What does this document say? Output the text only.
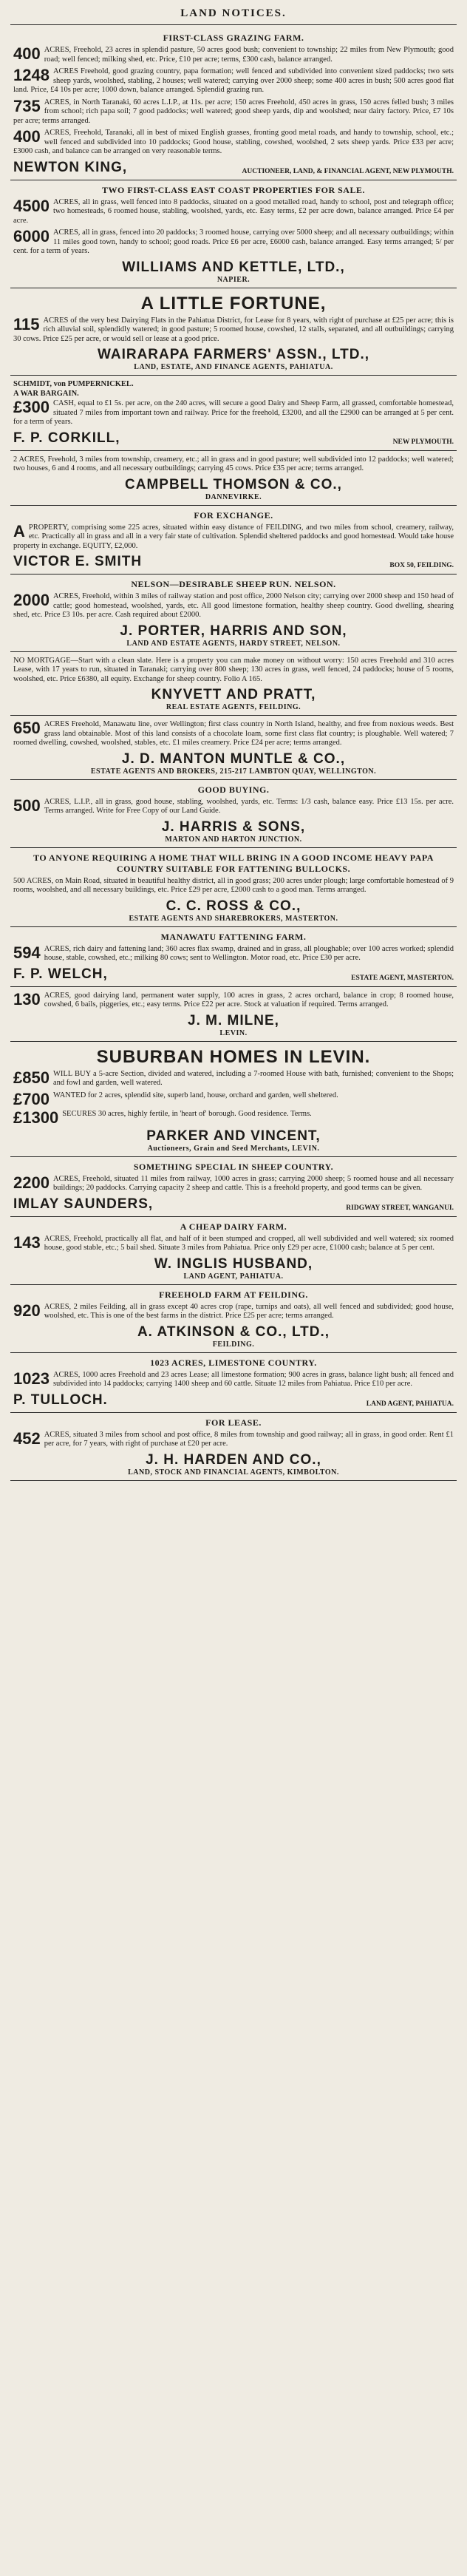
LAND NOTICES.
FIRST-CLASS GRAZING FARM.
400 ACRES, Freehold, 23 acres in splendid pasture, 50 acres good bush; convenient to township; 22 miles from New Plymouth; good road; well fenced; milking shed, etc. Price, £10 per acre; terms, £300 cash, balance arranged.
1248 ACRES Freehold, good grazing country, papa formation; well fenced and subdivided into convenient sized paddocks; two sets sheep yards, woolshed, stabling, 2 houses; well watered; carrying over 2000 sheep; some 400 acres in bush; 500 acres good flat land. Price, £4 10s per acre; 1000 down, balance arranged. Splendid grazing run.
735 ACRES, in North Taranaki, 60 acres L.I.P., at 11s. per acre; 150 acres Freehold, 450 acres in grass, 150 acres felled bush; 3 miles from school; rich papa soil; 7 good paddocks; well watered; good sheep yards, dip and woolshed; near dairy factory. Price, £7 10s per acre; terms arranged.
400 ACRES, Freehold, Taranaki, all in best of mixed English grasses, fronting good metal roads, and handy to township, school, etc.; well fenced and subdivided into 10 paddocks; Good house, stabling, cowshed, woolshed, 2 sets sheep yards. Price £33 per acre; £3000 cash, and balance can be arranged on very reasonable terms.
NEWTON KING,	AUCTIONEER, LAND, & FINANCIAL AGENT, NEW PLYMOUTH.
TWO FIRST-CLASS EAST COAST PROPERTIES FOR SALE.
4500 ACRES, all in grass, well fenced into 8 paddocks, situated on a good metalled road, handy to school, post and telegraph office; two homesteads, 6 roomed house, stabling, woolshed, yards, etc. Easy terms, £2 per acre down, balance arranged. Price £4 per acre.
6000 ACRES, all in grass, fenced into 20 paddocks; 3 roomed house, carrying over 5000 sheep; and all necessary outbuildings; within 11 miles good town, handy to school; good roads. Price £6 per acre, £6000 cash, balance arranged. Easy terms arranged; 5/ per cent. for a term of years.
WILLIAMS AND KETTLE, LTD.,
NAPIER.
A LITTLE FORTUNE,
115 ACRES of the very best Dairying Flats in the Pahiatua District, for Lease for 8 years, with right of purchase at £25 per acre; this is rich alluvial soil, splendidly watered; in good pasture; 5 roomed house, cowshed, 12 stalls, separated, and all outbuildings; carrying 30 cows. Price £25 per acre, or would sell or lease at a good price.
WAIRARAPA FARMERS' ASSN., LTD.,
LAND, ESTATE, AND FINANCE AGENTS, PAHIATUA.
SCHMIDT, von PUMPERNICKEL.
A WAR BARGAIN.
£300 CASH, equal to £1 5s. per acre, on the 240 acres, will secure a good Dairy and Sheep Farm, all grassed, comfortable homestead, situated 7 miles from important town and railway. Price for the freehold, £3200, and all the £2900 can be arranged at 5 per cent. for a term of years.
F. P. CORKILL,	NEW PLYMOUTH.
2 ACRES, Freehold, 3 miles from township, creamery, etc.; all in grass and in good pasture; well subdivided into 12 paddocks; well watered; two houses, 6 and 4 rooms, and all necessary outbuildings; carrying 45 cows. Price £35 per acre; terms arranged.
CAMPBELL THOMSON & CO.,
DANNEVIRKE.
FOR EXCHANGE.
APROPERTY, comprising some 225 acres, situated within easy distance of FEILDING, and two miles from school, creamery, railway, etc. Practically all in grass and all in a very fair state of cultivation. Splendid sheltered paddocks and good homestead. Would take house property in exchange. EQUITY, £2,000.
VICTOR E. SMITH	BOX 50, FEILDING.
NELSON—DESIRABLE SHEEP RUN. NELSON.
2000 ACRES, Freehold, within 3 miles of railway station and post office, 2000 Nelson city; carrying over 2000 sheep and 150 head of cattle; good homestead, woolshed, yards, etc. All good limestone formation, healthy sheep country. Good dwelling, shearing shed, etc. Price £3 10s. per acre. Cash required about £2000.
J. PORTER, HARRIS AND SON,
LAND AND ESTATE AGENTS, HARDY STREET, NELSON.
NO MORTGAGE—Start with a clean slate. Here is a property you can make money on without worry: 150 acres Freehold and 310 acres Lease, with 17 years to run, situated in Taranaki; carrying over 800 sheep; 130 acres in grass, well fenced, 24 paddocks; house of 5 rooms, woolshed, etc. Price £6380, all equity. Exchange for sheep country. Folio A 165.
KNYVETT AND PRATT,
REAL ESTATE AGENTS, FEILDING.
650 ACRES Freehold, Manawatu line, over Wellington; first class country in North Island, healthy, and free from noxious weeds. Best grass land obtainable. Most of this land consists of a chocolate loam, some first class flat country; is ploughable. Well watered; 7 roomed dwelling, cowshed, woolshed, stables, etc. £1 miles creamery. Price £24 per acre; terms arranged.
J. D. MANTON MUNTLE & CO.,
ESTATE AGENTS AND BROKERS, 215-217 LAMBTON QUAY, WELLINGTON.
GOOD BUYING.
500 ACRES, L.I.P., all in grass, good house, stabling, woolshed, yards, etc. Terms: 1/3 cash, balance easy. Price £13 15s. per acre. Terms arranged. Write for Free Copy of our Land Guide.
J. HARRIS & SONS,
MARTON AND HARTON JUNCTION.
TO ANYONE REQUIRING A HOME THAT WILL BRING IN A GOOD INCOME HEAVY PAPA COUNTRY SUITABLE FOR FATTENING BULLOCKS.
500 ACRES, on Main Road, situated in beautiful healthy district, all in good grass; 200 acres under plough; large comfortable homestead of 9 rooms, woolshed, and all necessary buildings, etc. Price £29 per acre, £2000 cash to a good man. Terms arranged.
C. C. ROSS & CO.,
ESTATE AGENTS AND SHAREBROKERS, MASTERTON.
MANAWATU FATTENING FARM.
594 ACRES, rich dairy and fattening land; 360 acres flax swamp, drained and in grass, all ploughable; over 100 acres worked; splendid house, stable, cowshed, etc.; milking 80 cows; sent to Wellington. Motor road, etc. Price £30 per acre.
F. P. WELCH,	ESTATE AGENT, MASTERTON.
130 ACRES, good dairying land, permanent water supply, 100 acres in grass, 2 acres orchard, balance in crop; 8 roomed house, cowshed, 6 bails, piggeries, etc.; easy terms. Price £22 per acre. Stock at valuation if required. Terms arranged.
J. M. MILNE,
LEVIN.
SUBURBAN HOMES IN LEVIN.
£850 WILL BUY a 5-acre Section, divided and watered, including a 7-roomed House with bath, furnished; convenient to the Shops; and fowl and garden, well watered.
£700 WANTED for 2 acres, splendid site, superb land, house, orchard and garden, well sheltered.
£1300 SECURES 30 acres, highly fertile, in 'heart of' borough. Good residence. Terms.
PARKER AND VINCENT,
Auctioneers, Grain and Seed Merchants, LEVIN.
SOMETHING SPECIAL IN SHEEP COUNTRY.
2200 ACRES, Freehold, situated 11 miles from railway, 1000 acres in grass; carrying 2000 sheep; 5 roomed house and all necessary buildings; 20 paddocks. Carrying capacity 2 sheep and cattle. This is a freehold property, and good terms can be given.
IMLAY SAUNDERS,	RIDGWAY STREET, WANGANUI.
A CHEAP DAIRY FARM.
143 ACRES, Freehold, practically all flat, and half of it been stumped and cropped, all well subdivided and well watered; six roomed house, good stable, etc.; 5 bail shed. Situate 3 miles from Pahiatua. Price only £29 per acre, £1000 cash; balance at 5 per cent.
W. INGLIS HUSBAND,
LAND AGENT, PAHIATUA.
FREEHOLD FARM AT FEILDING.
920 ACRES, 2 miles Feilding, all in grass except 40 acres crop (rape, turnips and oats), all well fenced and subdivided; good house, woolshed, etc. This is one of the best farms in the district. Price £25 per acre; terms arranged.
A. ATKINSON & CO., LTD.,
FEILDING.
1023 ACRES, LIMESTONE COUNTRY.
1023 ACRES, 1000 acres Freehold and 23 acres Lease; all limestone formation; 900 acres in grass, balance light bush; all fenced and subdivided into 14 paddocks; carrying 1400 sheep and 60 cattle. Situate 12 miles from Pahiatua. Price £10 per acre.
P. TULLOCH.	LAND AGENT, PAHIATUA.
FOR LEASE.
452 ACRES, situated 3 miles from school and post office, 8 miles from township and good railway; all in grass, in good order. Rent £1 per acre, for 7 years, with right of purchase at £20 per acre.
J. H. HARDEN AND CO.,
LAND, STOCK AND FINANCIAL AGENTS, KIMBOLTON.
